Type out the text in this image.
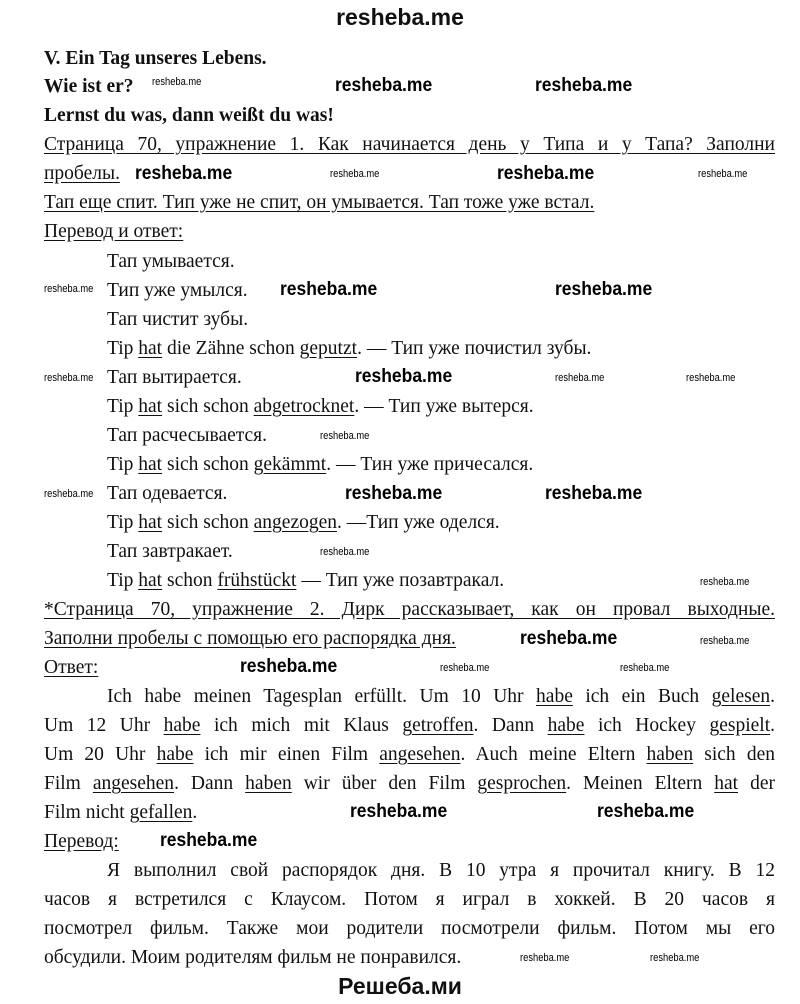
resheba.me
V. Ein Tag unseres Lebens.
Wie ist er?
Lernst du was, dann weißt du was!
Страница 70, упражнение 1. Как начинается день у Типа и у Тапа? Заполни
пробелы.
Тап еще спит. Тип уже не спит, он умывается. Тап тоже уже встал.
Перевод и ответ:
Тап умывается.
Тип уже умылся.
Тап чистит зубы.
Tip hat die Zähne schon geputzt. — Тип уже почистил зубы.
Тап вытирается.
Tip hat sich schon abgetrocknet. — Тип уже вытерся.
Тап расчесывается.
Tip hat sich schon gekämmt. — Тин уже причесался.
Тап одевается.
Tip hat sich schon angezogen. —Тип уже оделся.
Тап завтракает.
Tip hat schon frühstückt — Тип уже позавтракал.
*Страница 70, упражнение 2. Дирк рассказывает, как он провал выходные.
Заполни пробелы с помощью его распорядка дня.
Ответ:
Ich habe meinen Tagesplan erfüllt. Um 10 Uhr habe ich ein Buch gelesen.
Um 12 Uhr habe ich mich mit Klaus getroffen. Dann habe ich Hockey gespielt.
Um 20 Uhr habe ich mir einen Film angesehen. Auch meine Eltern haben sich den
Film angesehen. Dann haben wir über den Film gesprochen. Meinen Eltern hat der
Film nicht gefallen.
Перевод:
Я выполнил свой распорядок дня. В 10 утра я прочитал книгу. В 12
часов я встретился с Клаусом. Потом я играл в хоккей. В 20 часов я
посмотрел фильм. Также мои родители посмотрели фильм. Потом мы его
обсудили. Моим родителям фильм не понравился.
resheba.me	resheba.me	resheba.me
resheba.me	resheba.me	resheba.me	resheba.me
resheba.me
resheba.me	resheba.me
resheba.me	resheba.me	resheba.me	resheba.me
resheba.me
resheba.me	resheba.me	resheba.me
resheba.me
resheba.me
resheba.me
resheba.me	resheba.me
resheba.me	resheba.me
resheba.me	resheba.me
resheba.me
resheba.me	resheba.me
Решеба.ми
